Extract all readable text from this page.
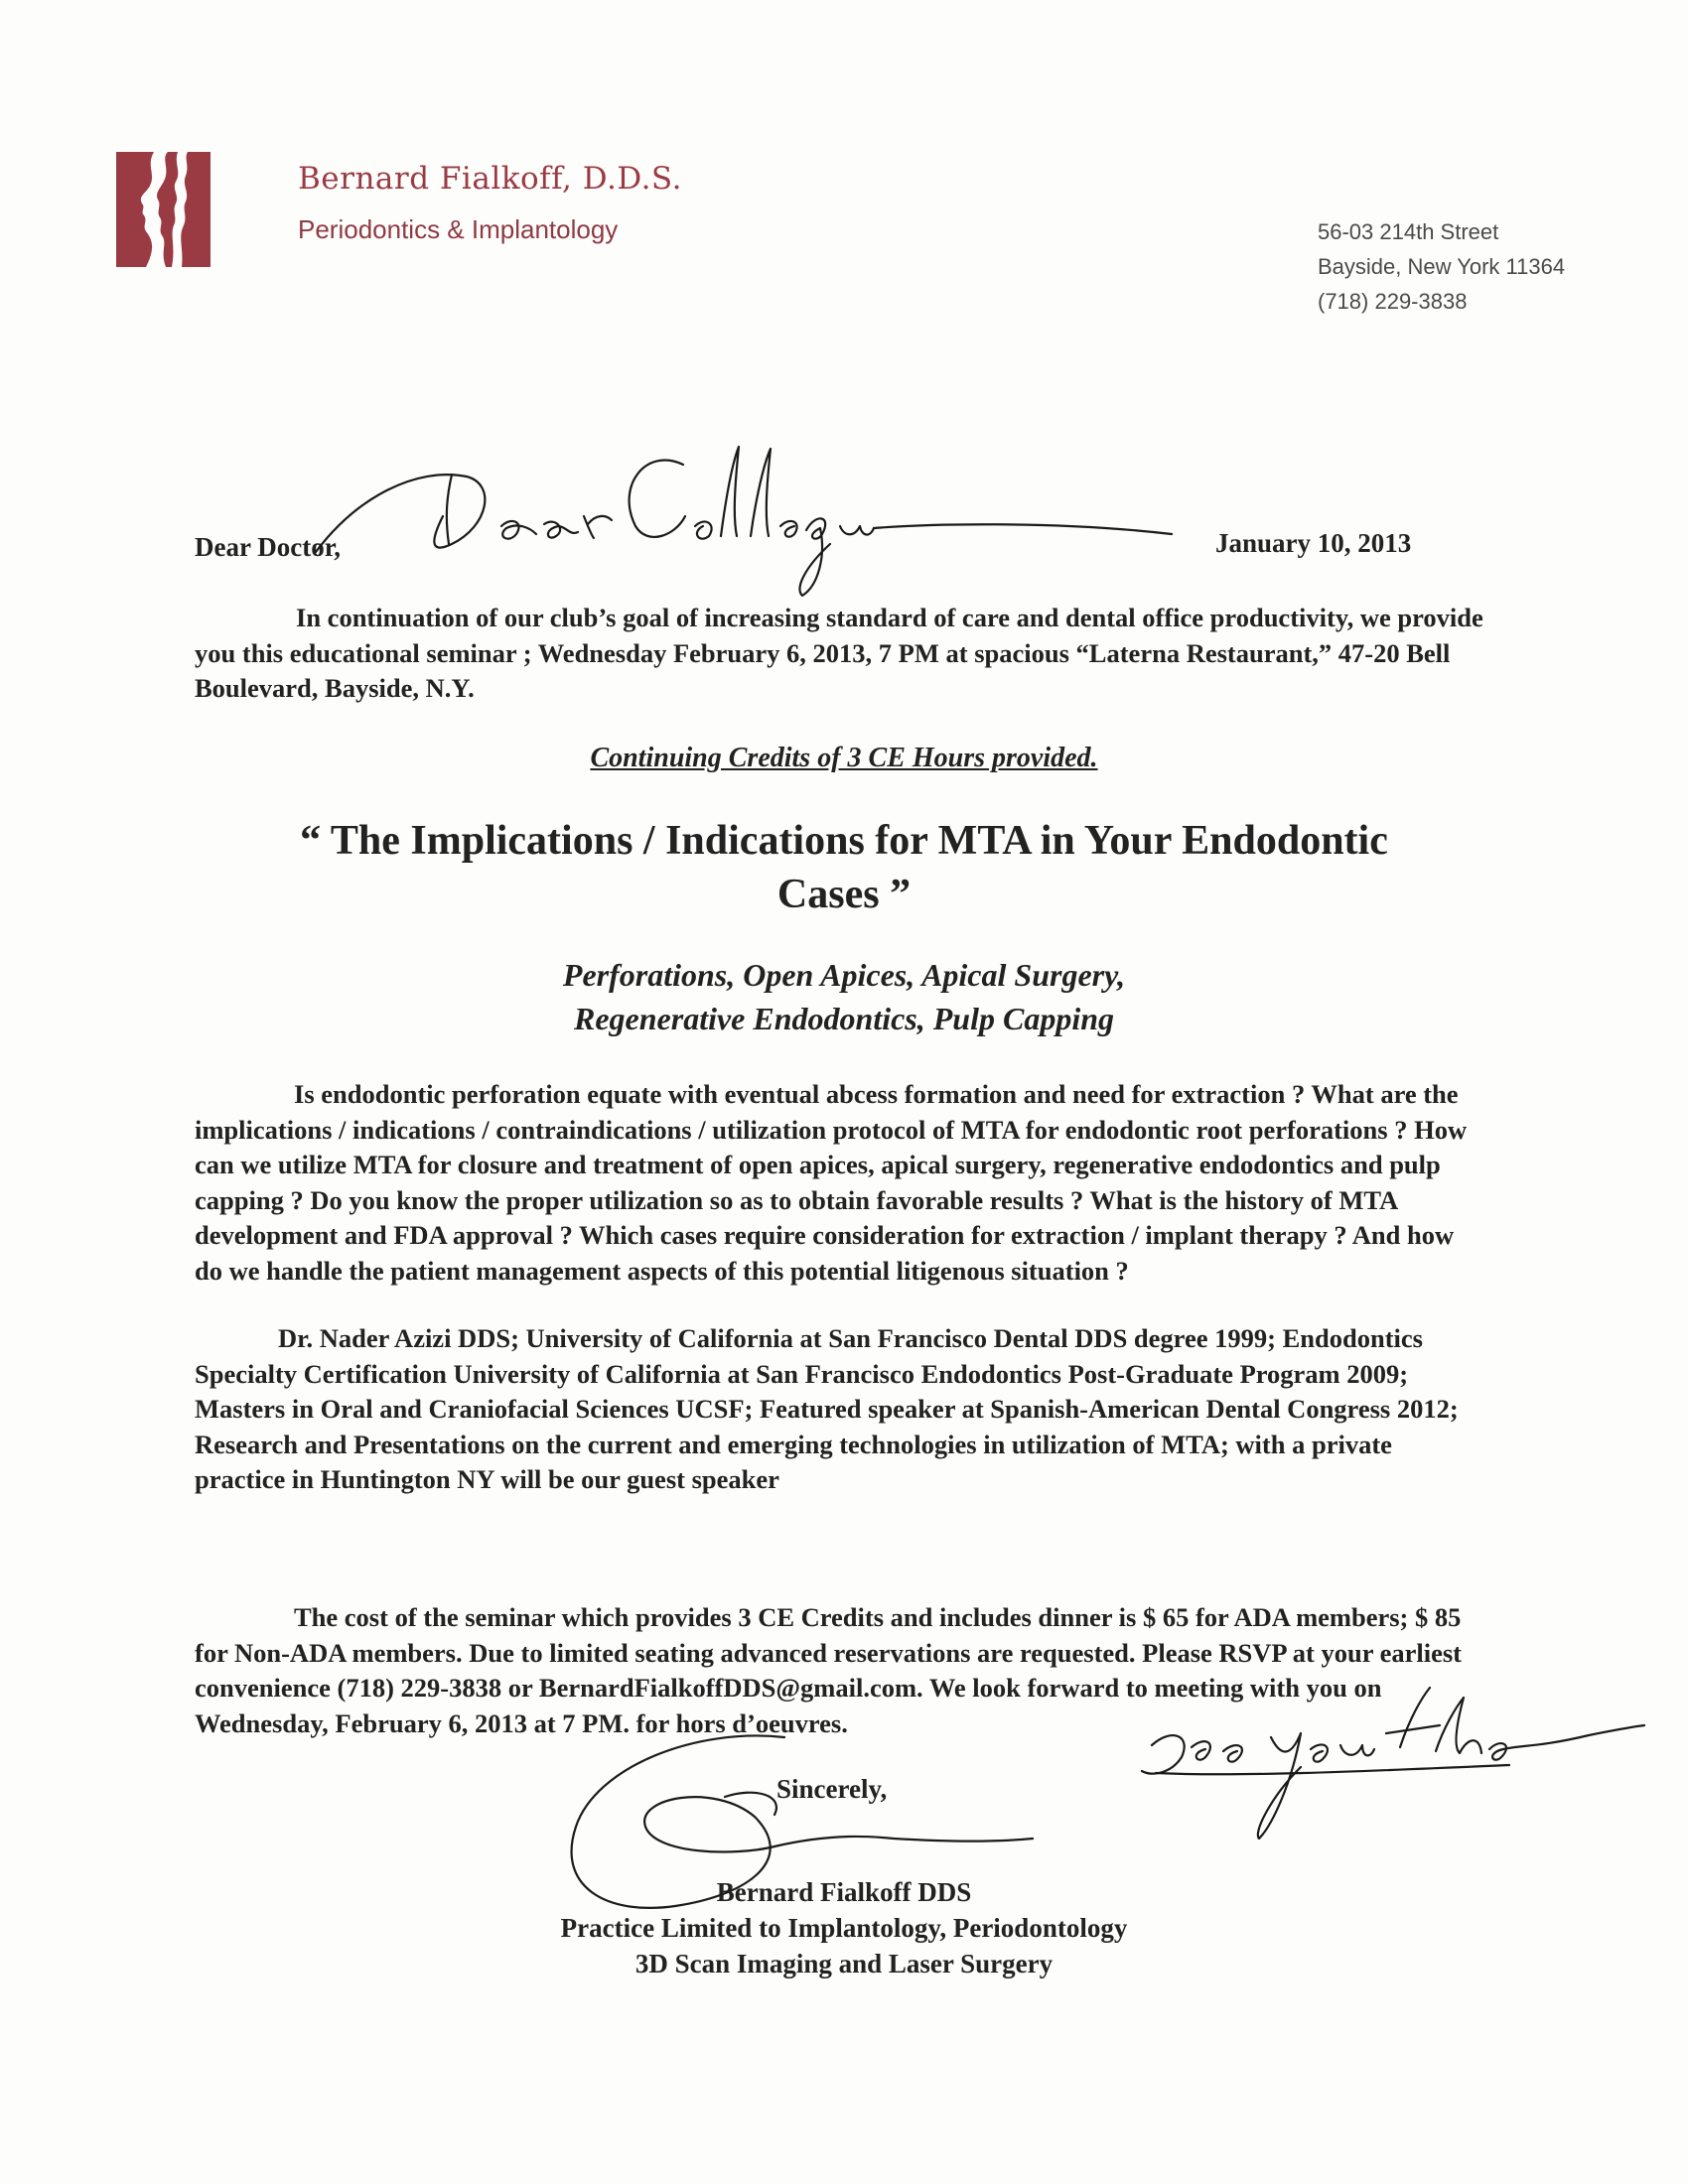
Bernard Fialkoff, D.D.S.
Periodontics & Implantology	56-03 214th Street
Bayside, New York 11364
(718) 229-3838
Dear Doctor,	January 10, 2013

In continuation of our club’s goal of increasing standard of care and dental office productivity, we provide you this educational seminar ; Wednesday February 6, 2013, 7 PM at spacious “Laterna Restaurant,” 47-20 Bell Boulevard, Bayside, N.Y.

Continuing Credits of 3 CE Hours provided.
“ The Implications / Indications for MTA in Your Endodontic Cases ”
Perforations, Open Apices, Apical Surgery,
Regenerative Endodontics, Pulp Capping

Is endodontic perforation equate with eventual abcess formation and need for extraction ? What are the implications / indications / contraindications / utilization protocol of MTA for endodontic root perforations ? How can we utilize MTA for closure and treatment of open apices, apical surgery, regenerative endodontics and pulp capping ? Do you know the proper utilization so as to obtain favorable results ? What is the history of MTA development and FDA approval ? Which cases require consideration for extraction / implant therapy ? And how do we handle the patient management aspects of this potential litigenous situation ?

Dr. Nader Azizi DDS; University of California at San Francisco Dental DDS degree 1999; Endodontics Specialty Certification University of California at San Francisco Endodontics Post-Graduate Program 2009; Masters in Oral and Craniofacial Sciences UCSF; Featured speaker at Spanish-American Dental Congress 2012; Research and Presentations on the current and emerging technologies in utilization of MTA; with a private practice in Huntington NY will be our guest speaker

The cost of the seminar which provides 3 CE Credits and includes dinner is $ 65 for ADA members; $ 85 for Non-ADA members. Due to limited seating advanced reservations are requested. Please RSVP at your earliest convenience (718) 229-3838 or BernardFialkoffDDS@gmail.com. We look forward to meeting with you on Wednesday, February 6, 2013 at 7 PM. for hors d’oeuvres.

Sincerely,
Bernard Fialkoff DDS
Practice Limited to Implantology, Periodontology
3D Scan Imaging and Laser Surgery
